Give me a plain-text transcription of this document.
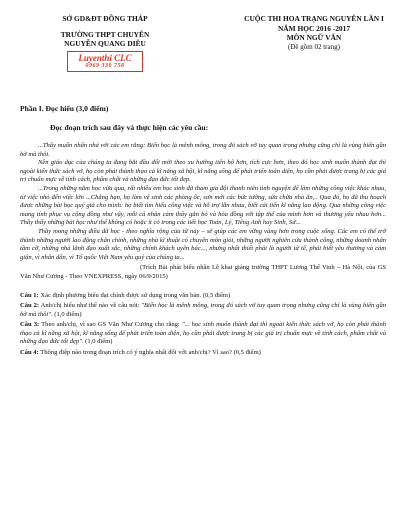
SỞ GD&ĐT ĐỒNG THÁP
TRƯỜNG THPT CHUYÊN
NGUYỄN QUANG DIÊU
Luyenthi CLC
0969 330 758
CUỘC THI HOA TRẠNG NGUYÊN LẦN I
NĂM HỌC 2016 -2017
MÔN NGỮ VĂN
(Đề gồm 02 trang)
Phần I. Đọc hiểu (3,0 điểm)
Đọc đoạn trích sau đây và thực hiện các yêu cầu:

...Thầy muốn nhấn nhá với các em rằng: Biển học là mênh mông, trong đó sách vở tuy quan trọng nhưng cũng chỉ là vùng biển gần bờ mà thôi.

Nền giáo dục của chúng ta đang bắt đầu đổi mới theo xu hướng tiến bộ hơn, tích cực hơn, theo đó học sinh muốn thành đạt thì ngoài kiến thức sách vở, họ còn phải thành thạo cả kĩ năng xã hội, kĩ năng sống để phát triển toàn diện, họ cần phải được trang bị các giá trị chuẩn mực về tính cách, phẩm chất và những đạo đức tốt đẹp.

...Trong những năm học vừa qua, rất nhiều em học sinh đã tham gia đội thanh niên tình nguyện để làm những công việc khác nhau, từ việc nhỏ đến việc lớn ...Chẳng hạn, họ làm vệ sinh các phòng ốc, sơn mới các bức tường, sửa chữa nhà ăn,.. Qua đó, họ đã thu hoạch được những bài học quý giá cho mình: họ biết tìm hiểu công việc và hỗ trợ lẫn nhau, biết cái tiến kĩ năng lao động. Qua những công việc mang tính phục vụ cộng đồng như vậy, mỗi cá nhân cảm thấy gắn bó và hòa đồng với tập thể của mình hơn và thương yêu nhau hơn... Thầy thấy những bài học như thế không có hoặc ít có trong các tiết học Toán, Lý, Tiếng Anh hay Sinh, Sử...

Thầy mong những điều đã học - theo nghĩa rộng của từ này – sẽ giúp các em vững vàng hơn trong cuộc sống. Các em có thể trở thành những người lao động chân chính, những nhà kĩ thuật có chuyên môn giỏi, những người nghiên cứu thành công, những doanh nhân tầm cỡ, những nhà lãnh đạo xuất sắc, những chính khách uyên bác..., nhưng nhất thiết phải là người tử tế, phải biết yêu thương và cảm giận, vì nhân dân, vì Tổ quốc Việt Nam yêu quý của chúng ta...

(Trích Bài phát biểu nhân Lễ khai giảng trường THPT Lương Thế Vinh – Hà Nội, của GS Văn Như Cương - Theo VNEXPRESS, ngày 06/9/2015)

Câu 1: Xác định phương biểu đạt chính được sử dụng trong văn bản. (0,5 điểm)

Câu 2: Anh/chị hiểu như thế nào về câu nói: "Biển học là mênh mông, trong đó sách vở tuy quan trọng nhưng cũng chỉ là vùng biển gần bờ mà thôi". (1,0 điểm)

Câu 3: Theo anh/chị, vì sao GS Văn Như Cương cho rằng: "... học sinh muốn thành đạt thì ngoài kiến thức sách vở, họ còn phải thành thạo cả kĩ năng xã hội, kĩ năng sống để phát triển toàn diện, họ cần phải được trang bị các giá trị chuẩn mực về tính cách, phẩm chất và những đạo đức tốt đẹp". (1,0 điểm)

Câu 4: Thông điệp nào trong đoạn trích có ý nghĩa nhất đối với anh/chị? Vì sao? (0,5 điểm)
